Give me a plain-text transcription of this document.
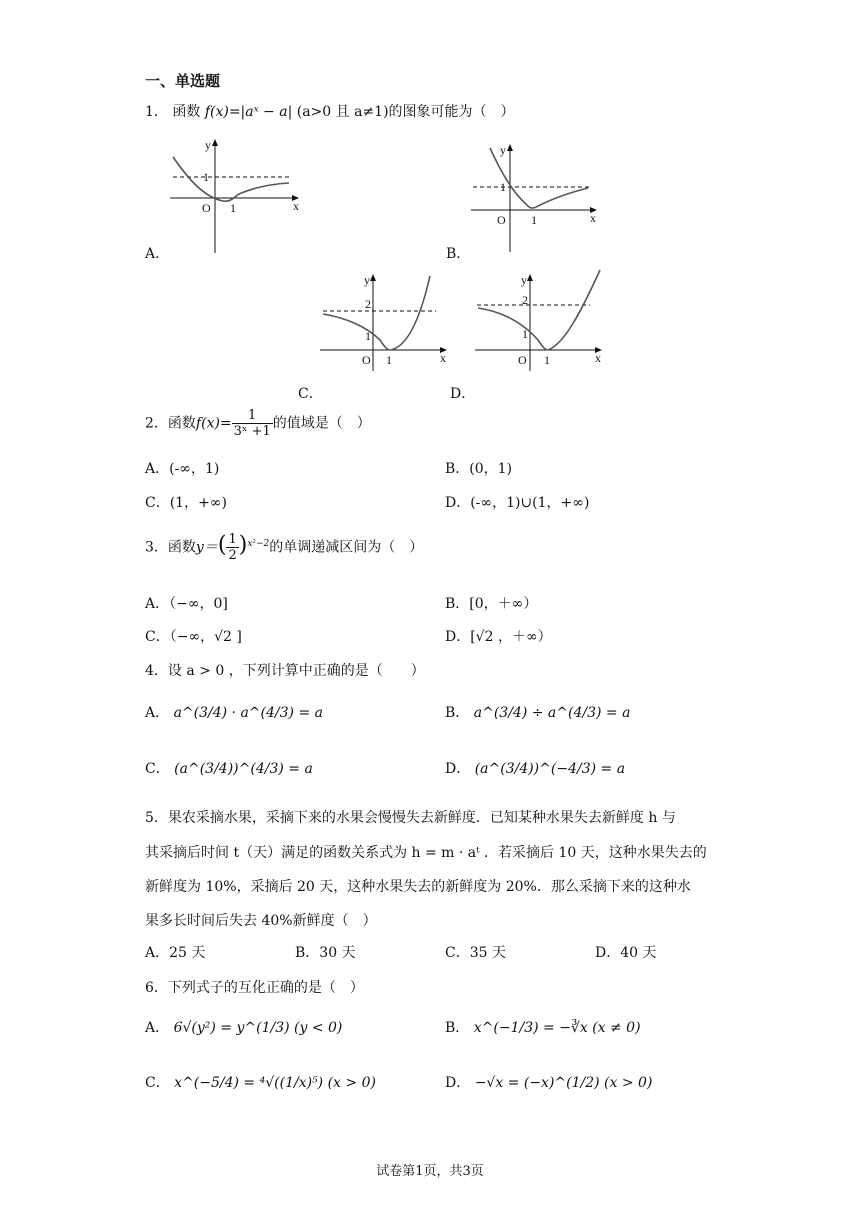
一、单选题
1． 函数 f(x)=|aˣ − a| (a>0 且 a≠1)的图象可能为（　）
y
x
O 1
1
A．
y
x
O 1
1
B．
y
x
O 1
1
2
C．
y
x
O 1
1
2
D．
2．函数$f(x)= \frac{1}{\text{3ˣ +1}}$ 的值域是（　）
A．(-∞，1)	B．(0，1)
C．(1，+∞)	D．(-∞，1)∪(1，+∞)
3．函数$y=( \frac{1}{2} )^{x^2-2}$的单调递减区间为（　）
A．（−∞，0]	B．[0，＋∞）
C．（−∞，√2 ]	D．[√2 ，＋∞）
4．设 a > 0 ，下列计算中正确的是（　　）
A． a^(3/4) · a^(4/3) = a	B． a^(3/4) ÷ a^(4/3) = a
C． (a^(3/4))^(4/3) = a	D． (a^(3/4))^(−4/3) = a
5．果农采摘水果，采摘下来的水果会慢慢失去新鲜度．已知某种水果失去新鲜度 h 与
其采摘后时间 t（天）满足的函数关系式为 h = m · aᵗ ．若采摘后 10 天，这种水果失去的
新鲜度为 10%，采摘后 20 天，这种水果失去的新鲜度为 20%．那么采摘下来的这种水
果多长时间后失去 40%新鲜度（　）
A．25 天	B．30 天	C．35 天	D．40 天
6．下列式子的互化正确的是（　）
A． 6√(y²) = y^(1/3) (y < 0)	B． x^(−1/3) = −∛x (x ≠ 0)
C． x^(−5/4) = ⁴√((1/x)⁵) (x > 0)	D． −√x = (−x)^(1/2) (x > 0)
试卷第1页，共3页
